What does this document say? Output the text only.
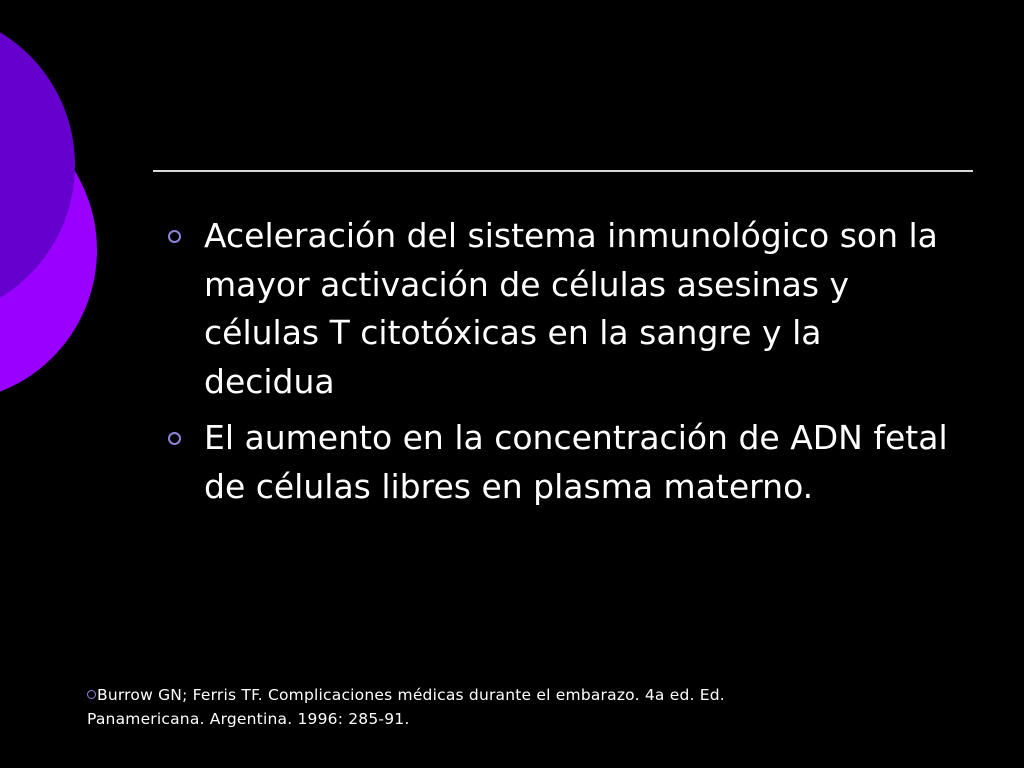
Aceleración del sistema inmunológico son la mayor activación de células asesinas y células T citotóxicas en la sangre y la decidua
El aumento en la concentración de ADN fetal de células libres en plasma materno.
Burrow GN; Ferris TF. Complicaciones médicas durante el embarazo. 4a ed. Ed. Panamericana. Argentina. 1996: 285-91.
